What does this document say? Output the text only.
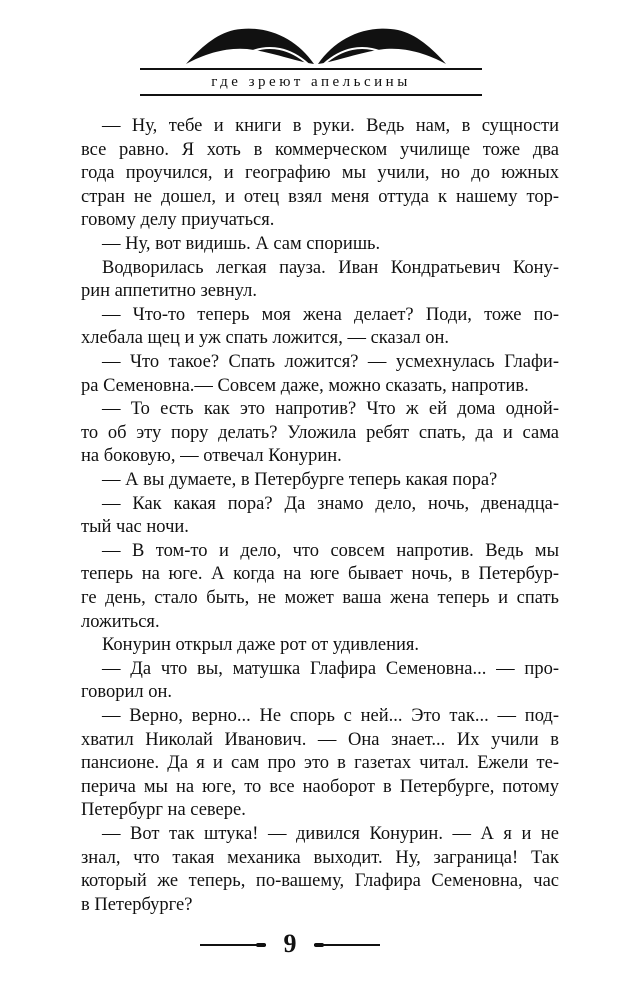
где зреют апельсины
— Ну, тебе и книги в руки. Ведь нам, в сущности
все равно. Я хоть в коммерческом училище тоже два
года проучился, и географию мы учили, но до южных
стран не дошел, и отец взял меня оттуда к нашему тор-
говому делу приучаться.
— Ну, вот видишь. А сам споришь.
Водворилась легкая пауза. Иван Кондратьевич Кону-
рин аппетитно зевнул.
— Что-то теперь моя жена делает? Поди, тоже по-
хлебала щец и уж спать ложится, — сказал он.
— Что такое? Спать ложится? — усмехнулась Глафи-
ра Семеновна.— Совсем даже, можно сказать, напротив.
— То есть как это напротив? Что ж ей дома одной-
то об эту пору делать? Уложила ребят спать, да и сама
на боковую, — отвечал Конурин.
— А вы думаете, в Петербурге теперь какая пора?
— Как какая пора? Да знамо дело, ночь, двенадца-
тый час ночи.
— В том-то и дело, что совсем напротив. Ведь мы
теперь на юге. А когда на юге бывает ночь, в Петербур-
ге день, стало быть, не может ваша жена теперь и спать
ложиться.
Конурин открыл даже рот от удивления.
— Да что вы, матушка Глафира Семеновна... — про-
говорил он.
— Верно, верно... Не спорь с ней... Это так... — под-
хватил Николай Иванович. — Она знает... Их учили в
пансионе. Да я и сам про это в газетах читал. Ежели те-
перича мы на юге, то все наоборот в Петербурге, потому
Петербург на севере.
— Вот так штука! — дивился Конурин. — А я и не
знал, что такая механика выходит. Ну, заграница! Так
который же теперь, по-вашему, Глафира Семеновна, час
в Петербурге?
9
